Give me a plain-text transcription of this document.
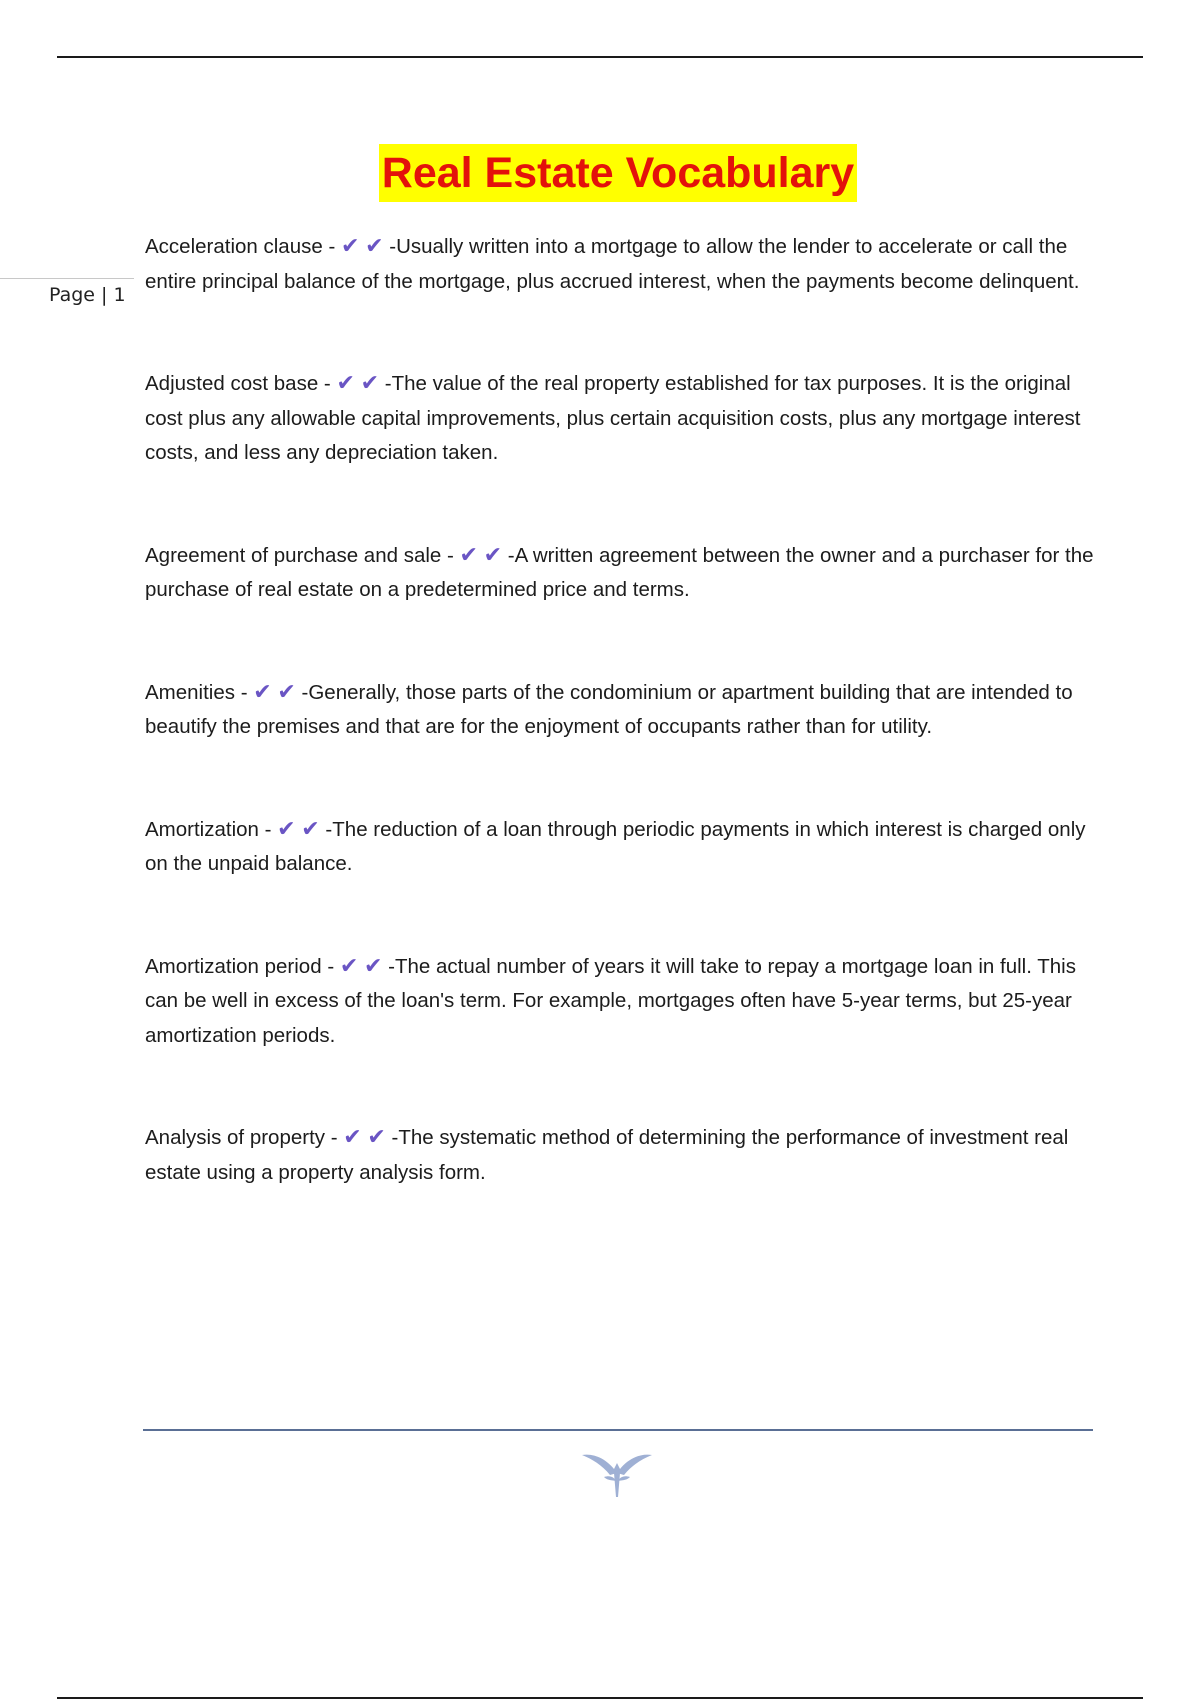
Page | 1
Real Estate Vocabulary

Acceleration clause - ✔ ✔ -Usually written into a mortgage to allow the lender to accelerate or call the entire principal balance of the mortgage, plus accrued interest, when the payments become delinquent.

Adjusted cost base - ✔ ✔ -The value of the real property established for tax purposes. It is the original cost plus any allowable capital improvements, plus certain acquisition costs, plus any mortgage interest costs, and less any depreciation taken.

Agreement of purchase and sale - ✔ ✔ -A written agreement between the owner and a purchaser for the purchase of real estate on a predetermined price and terms.

Amenities - ✔ ✔ -Generally, those parts of the condominium or apartment building that are intended to beautify the premises and that are for the enjoyment of occupants rather than for utility.

Amortization - ✔ ✔ -The reduction of a loan through periodic payments in which interest is charged only on the unpaid balance.

Amortization period - ✔ ✔ -The actual number of years it will take to repay a mortgage loan in full. This can be well in excess of the loan's term. For example, mortgages often have 5-year terms, but 25-year amortization periods.

Analysis of property - ✔ ✔ -The systematic method of determining the performance of investment real estate using a property analysis form.
